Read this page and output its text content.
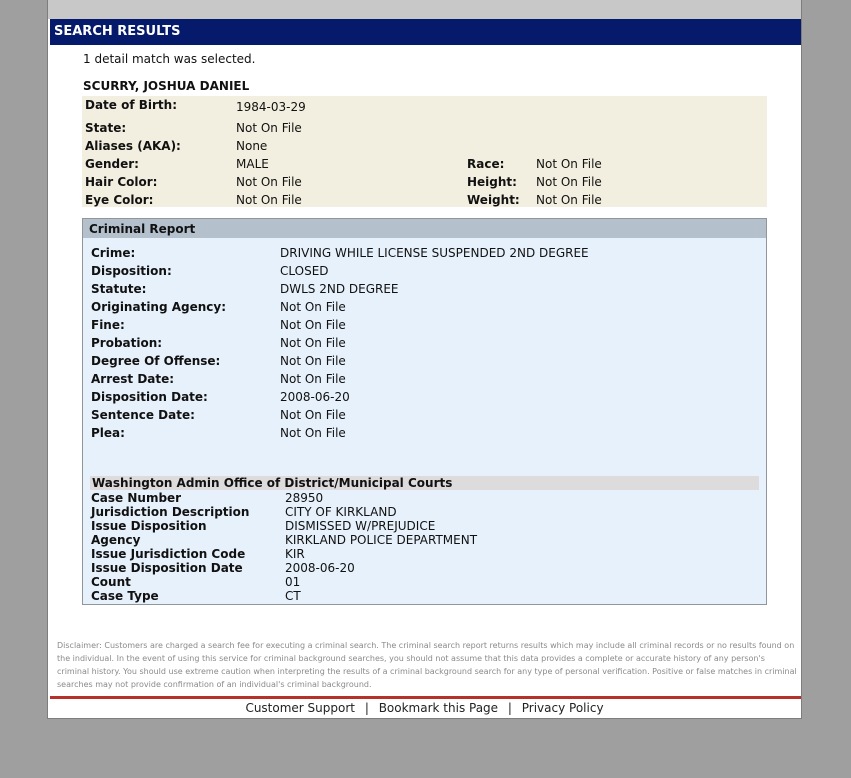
SEARCH RESULTS
1 detail match was selected.
SCURRY, JOSHUA DANIEL
Date of Birth:	1984-03-29
State:	Not On File
Aliases (AKA):	None
Gender:	MALE	Race:	Not On File
Hair Color:	Not On File	Height: Not On File
Eye Color:	Not On File	Weight: Not On File
Criminal Report
Crime:	DRIVING WHILE LICENSE SUSPENDED 2ND DEGREE
Disposition:	CLOSED
Statute:	DWLS 2ND DEGREE
Originating Agency:	Not On File
Fine:	Not On File
Probation:	Not On File
Degree Of Offense:	Not On File
Arrest Date:	Not On File
Disposition Date:	2008-06-20
Sentence Date:	Not On File
Plea:	Not On File
Washington Admin Office of District/Municipal Courts
Case Number	28950
Jurisdiction Description	CITY OF KIRKLAND
Issue Disposition	DISMISSED W/PREJUDICE
Agency	KIRKLAND POLICE DEPARTMENT
Issue Jurisdiction Code	KIR
Issue Disposition Date	2008-06-20
Count	01
Case Type	CT
Disclaimer: Customers are charged a search fee for executing a criminal search. The criminal search report returns results which may include all criminal records or no results found on the individual. In the event of using this service for criminal background searches, you should not assume that this data provides a complete or accurate history of any person's criminal history. You should use extreme caution when interpreting the results of a criminal background search for any type of personal verification. Positive or false matches in criminal searches may not provide confirmation of an individual's criminal background.
Customer Support | Bookmark this Page | Privacy Policy
